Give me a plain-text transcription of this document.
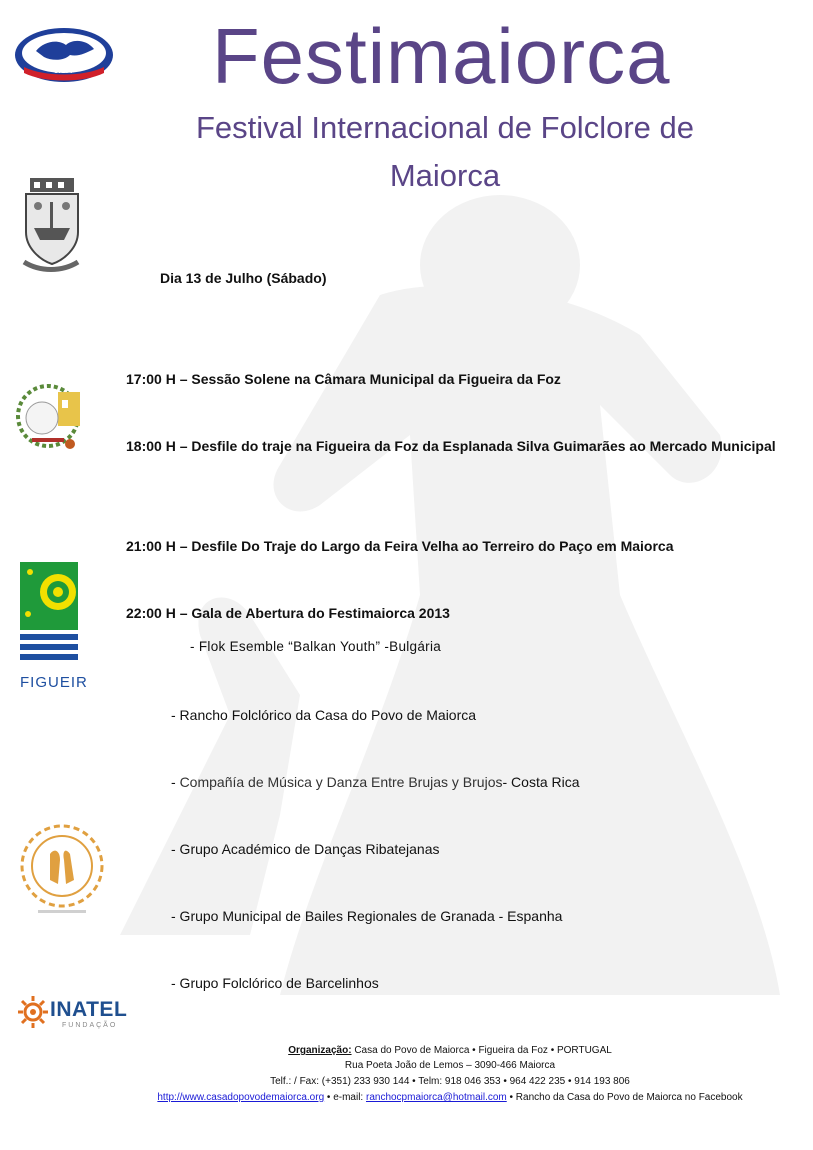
CIOFF	Festimaiorca
Festival Internacional de Folclore de Maiorca
FIGUEIR
INATEL
FUNDAÇÃO
Dia 13 de Julho (Sábado)
17:00 H – Sessão Solene na Câmara Municipal da Figueira da Foz
18:00 H – Desfile do traje na Figueira da Foz da Esplanada Silva Guimarães ao Mercado Municipal
21:00 H – Desfile Do Traje do Largo da Feira Velha ao Terreiro do Paço em Maiorca
22:00 H – Gala de Abertura do Festimaiorca 2013
- Flok Esemble “Balkan Youth” -Bulgária
- Rancho Folclórico da Casa do Povo de Maiorca
- Compañía de Música y Danza Entre Brujas y Brujos- Costa Rica
- Grupo Académico de Danças Ribatejanas
- Grupo Municipal de Bailes Regionales de Granada - Espanha
- Grupo Folclórico de Barcelinhos
Organização: Casa do Povo de Maiorca • Figueira da Foz • PORTUGAL
Rua Poeta João de Lemos – 3090-466 Maiorca
Telf.: / Fax: (+351) 233 930 144 • Telm: 918 046 353 • 964 422 235 • 914 193 806
http://www.casadopovodemaiorca.org • e-mail: ranchocpmaiorca@hotmail.com • Rancho da Casa do Povo de Maiorca no Facebook
